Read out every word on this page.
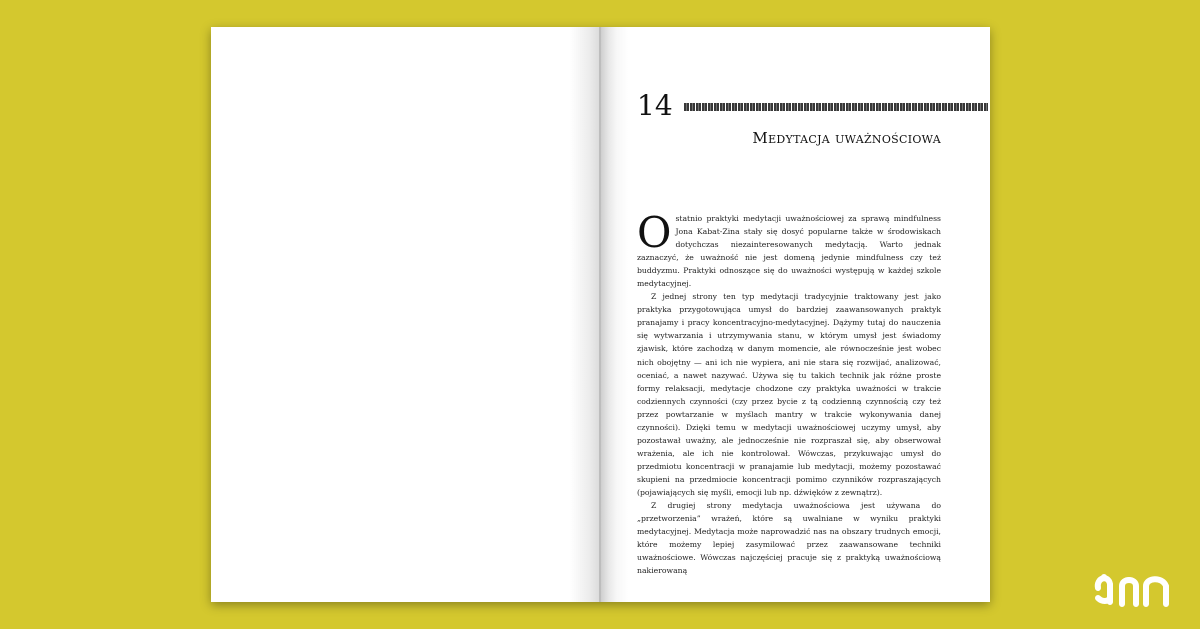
14
Medytacja uważnościowa

Ostatnio praktyki medytacji uważnościowej za sprawą mindfulness Jona Kabat-Zina stały się dosyć popularne także w środowiskach dotychczas niezainteresowanych medytacją. Warto jednak zaznaczyć, że uważność nie jest domeną jedynie mindfulness czy też buddyzmu. Praktyki odnoszące się do uważności występują w każdej szkole medytacyjnej.

Z jednej strony ten typ medytacji tradycyjnie traktowany jest jako praktyka przygotowująca umysł do bardziej zaawansowanych praktyk pranajamy i pracy koncentracyjno-medytacyjnej. Dążymy tutaj do nauczenia się wytwarzania i utrzymywania stanu, w którym umysł jest świadomy zjawisk, które zachodzą w danym momencie, ale równocześnie jest wobec nich obojętny — ani ich nie wypiera, ani nie stara się rozwijać, analizować, oceniać, a nawet nazywać. Używa się tu takich technik jak różne proste formy relaksacji, medytacje chodzone czy praktyka uważności w trakcie codziennych czynności (czy przez bycie z tą codzienną czynnością czy też przez powtarzanie w myślach mantry w trakcie wykonywania danej czynności). Dzięki temu w medytacji uważnościowej uczymy umysł, aby pozostawał uważny, ale jednocześnie nie rozpraszał się, aby obserwował wrażenia, ale ich nie kontrolował. Wówczas, przykuwając umysł do przedmiotu koncentracji w pranajamie lub medytacji, możemy pozostawać skupieni na przedmiocie koncentracji pomimo czynników rozpraszających (pojawiających się myśli, emocji lub np. dźwięków z zewnątrz).

Z drugiej strony medytacja uważnościowa jest używana do „przetworzenia” wrażeń, które są uwalniane w wyniku praktyki medytacyjnej. Medytacja może naprowadzić nas na obszary trudnych emocji, które możemy lepiej zasymilować przez zaawansowane techniki uważnościowe. Wówczas najczęściej pracuje się z praktyką uważnościową nakierowaną
